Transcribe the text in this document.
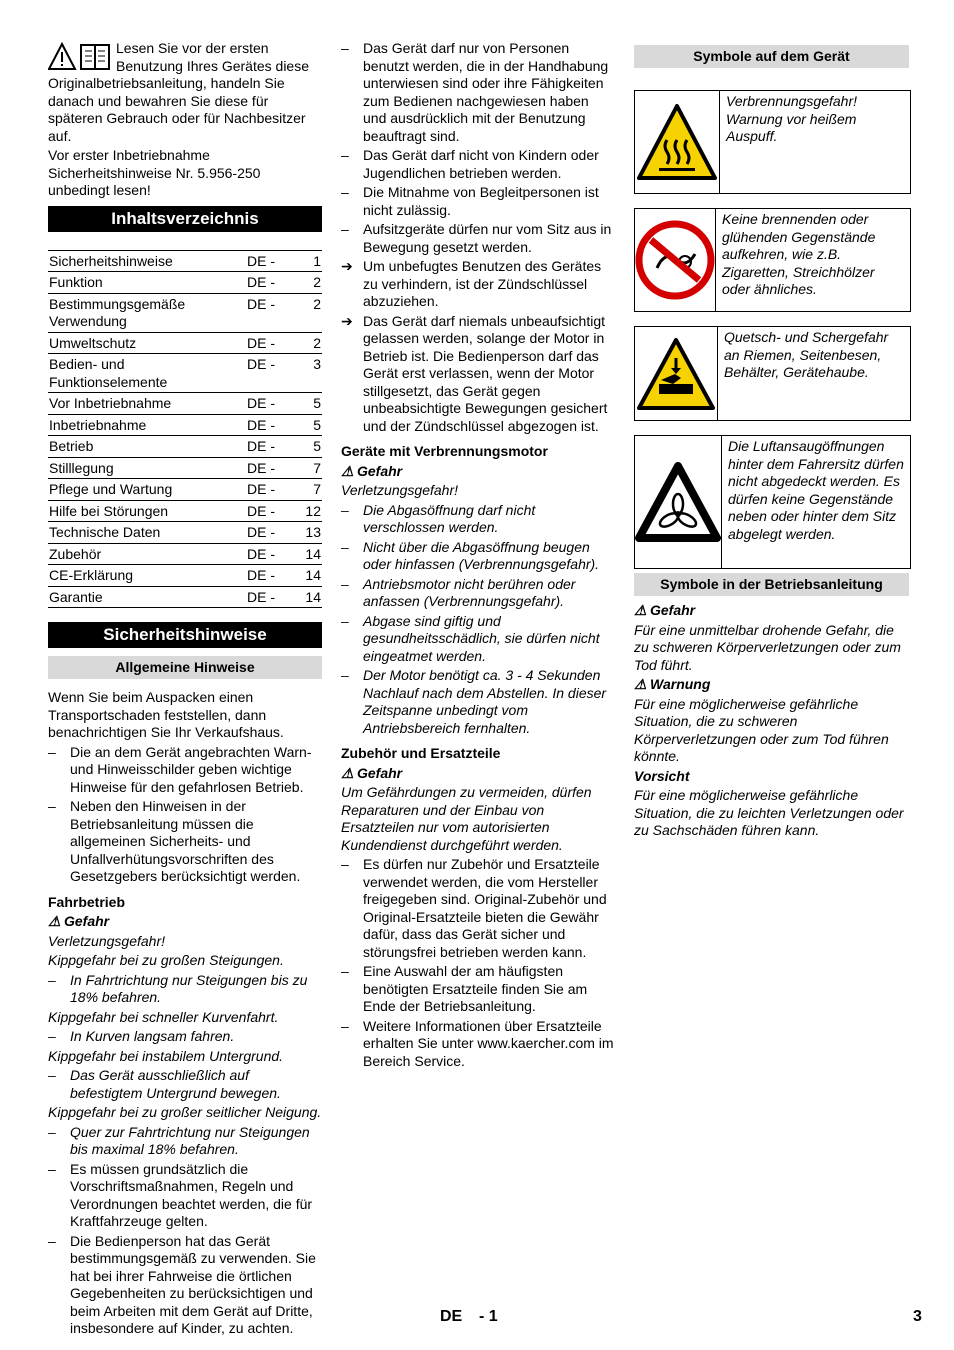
Lesen Sie vor der ersten Benutzung Ihres Gerätes diese Originalbetriebsanleitung, handeln Sie danach und bewahren Sie diese für späteren Gebrauch oder für Nachbesitzer auf.

Vor erster Inbetriebnahme Sicherheitshinweise Nr. 5.956-250 unbedingt lesen!

Inhaltsverzeichnis
Sicherheitshinweise	DE -	1
Funktion	DE -	2
Bestimmungsgemäße Verwendung	DE -	2
Umweltschutz	DE -	2
Bedien- und Funktionselemente	DE -	3
Vor Inbetriebnahme	DE -	5
Inbetriebnahme	DE -	5
Betrieb	DE -	5
Stilllegung	DE -	7
Pflege und Wartung	DE -	7
Hilfe bei Störungen	DE -	12
Technische Daten	DE -	13
Zubehör	DE -	14
CE-Erklärung	DE -	14
Garantie	DE -	14
Sicherheitshinweise
Allgemeine Hinweise

Wenn Sie beim Auspacken einen Transportschaden feststellen, dann benachrichtigen Sie Ihr Verkaufshaus.

– Die an dem Gerät angebrachten Warn- und Hinweisschilder geben wichtige Hinweise für den gefahrlosen Betrieb.
– Neben den Hinweisen in der Betriebsanleitung müssen die allgemeinen Sicherheits- und Unfallverhütungsvorschriften des Gesetzgebers berücksichtigt werden.
Fahrbetrieb
⚠ Gefahr

Verletzungsgefahr!

Kippgefahr bei zu großen Steigungen.

– In Fahrtrichtung nur Steigungen bis zu 18% befahren.

Kippgefahr bei schneller Kurvenfahrt.

– In Kurven langsam fahren.

Kippgefahr bei instabilem Untergrund.

– Das Gerät ausschließlich auf befestigtem Untergrund bewegen.

Kippgefahr bei zu großer seitlicher Neigung.

– Quer zur Fahrtrichtung nur Steigungen bis maximal 18% befahren.
– Es müssen grundsätzlich die Vorschriftsmaßnahmen, Regeln und Verordnungen beachtet werden, die für Kraftfahrzeuge gelten.
– Die Bedienperson hat das Gerät bestimmungsgemäß zu verwenden. Sie hat bei ihrer Fahrweise die örtlichen Gegebenheiten zu berücksichtigen und beim Arbeiten mit dem Gerät auf Dritte, insbesondere auf Kinder, zu achten.
– Das Gerät darf nur von Personen benutzt werden, die in der Handhabung unterwiesen sind oder ihre Fähigkeiten zum Bedienen nachgewiesen haben und ausdrücklich mit der Benutzung beauftragt sind.
– Das Gerät darf nicht von Kindern oder Jugendlichen betrieben werden.
– Die Mitnahme von Begleitpersonen ist nicht zulässig.
– Aufsitzgeräte dürfen nur vom Sitz aus in Bewegung gesetzt werden.
➔ Um unbefugtes Benutzen des Gerätes zu verhindern, ist der Zündschlüssel abzuziehen.
➔ Das Gerät darf niemals unbeaufsichtigt gelassen werden, solange der Motor in Betrieb ist. Die Bedienperson darf das Gerät erst verlassen, wenn der Motor stillgesetzt, das Gerät gegen unbeabsichtigte Bewegungen gesichert und der Zündschlüssel abgezogen ist.
Geräte mit Verbrennungsmotor
⚠ Gefahr

Verletzungsgefahr!

– Die Abgasöffnung darf nicht verschlossen werden.
– Nicht über die Abgasöffnung beugen oder hinfassen (Verbrennungsgefahr).
– Antriebsmotor nicht berühren oder anfassen (Verbrennungsgefahr).
– Abgase sind giftig und gesundheitsschädlich, sie dürfen nicht eingeatmet werden.
– Der Motor benötigt ca. 3 - 4 Sekunden Nachlauf nach dem Abstellen. In dieser Zeitspanne unbedingt vom Antriebsbereich fernhalten.
Zubehör und Ersatzteile
⚠ Gefahr

Um Gefährdungen zu vermeiden, dürfen Reparaturen und der Einbau von Ersatzteilen nur vom autorisierten Kundendienst durchgeführt werden.

– Es dürfen nur Zubehör und Ersatzteile verwendet werden, die vom Hersteller freigegeben sind. Original-Zubehör und Original-Ersatzteile bieten die Gewähr dafür, dass das Gerät sicher und störungsfrei betrieben werden kann.
– Eine Auswahl der am häufigsten benötigten Ersatzteile finden Sie am Ende der Betriebsanleitung.
– Weitere Informationen über Ersatzteile erhalten Sie unter www.kaercher.com im Bereich Service.
Symbole auf dem Gerät
Verbrennungsgefahr! Warnung vor heißem Auspuff.
Keine brennenden oder glühenden Gegenstände aufkehren, wie z.B. Zigaretten, Streichhölzer oder ähnliches.
Quetsch- und Schergefahr an Riemen, Seitenbesen, Behälter, Gerätehaube.
Die Luftansaugöffnungen hinter dem Fahrersitz dürfen nicht abgedeckt werden. Es dürfen keine Gegenstände neben oder hinter dem Sitz abgelegt werden.
Symbole in der Betriebsanleitung
⚠ Gefahr

Für eine unmittelbar drohende Gefahr, die zu schweren Körperverletzungen oder zum Tod führt.

⚠ Warnung

Für eine möglicherweise gefährliche Situation, die zu schweren Körperverletzungen oder zum Tod führen könnte.

Vorsicht

Für eine möglicherweise gefährliche Situation, die zu leichten Verletzungen oder zu Sachschäden führen kann.

DE - 1	3
